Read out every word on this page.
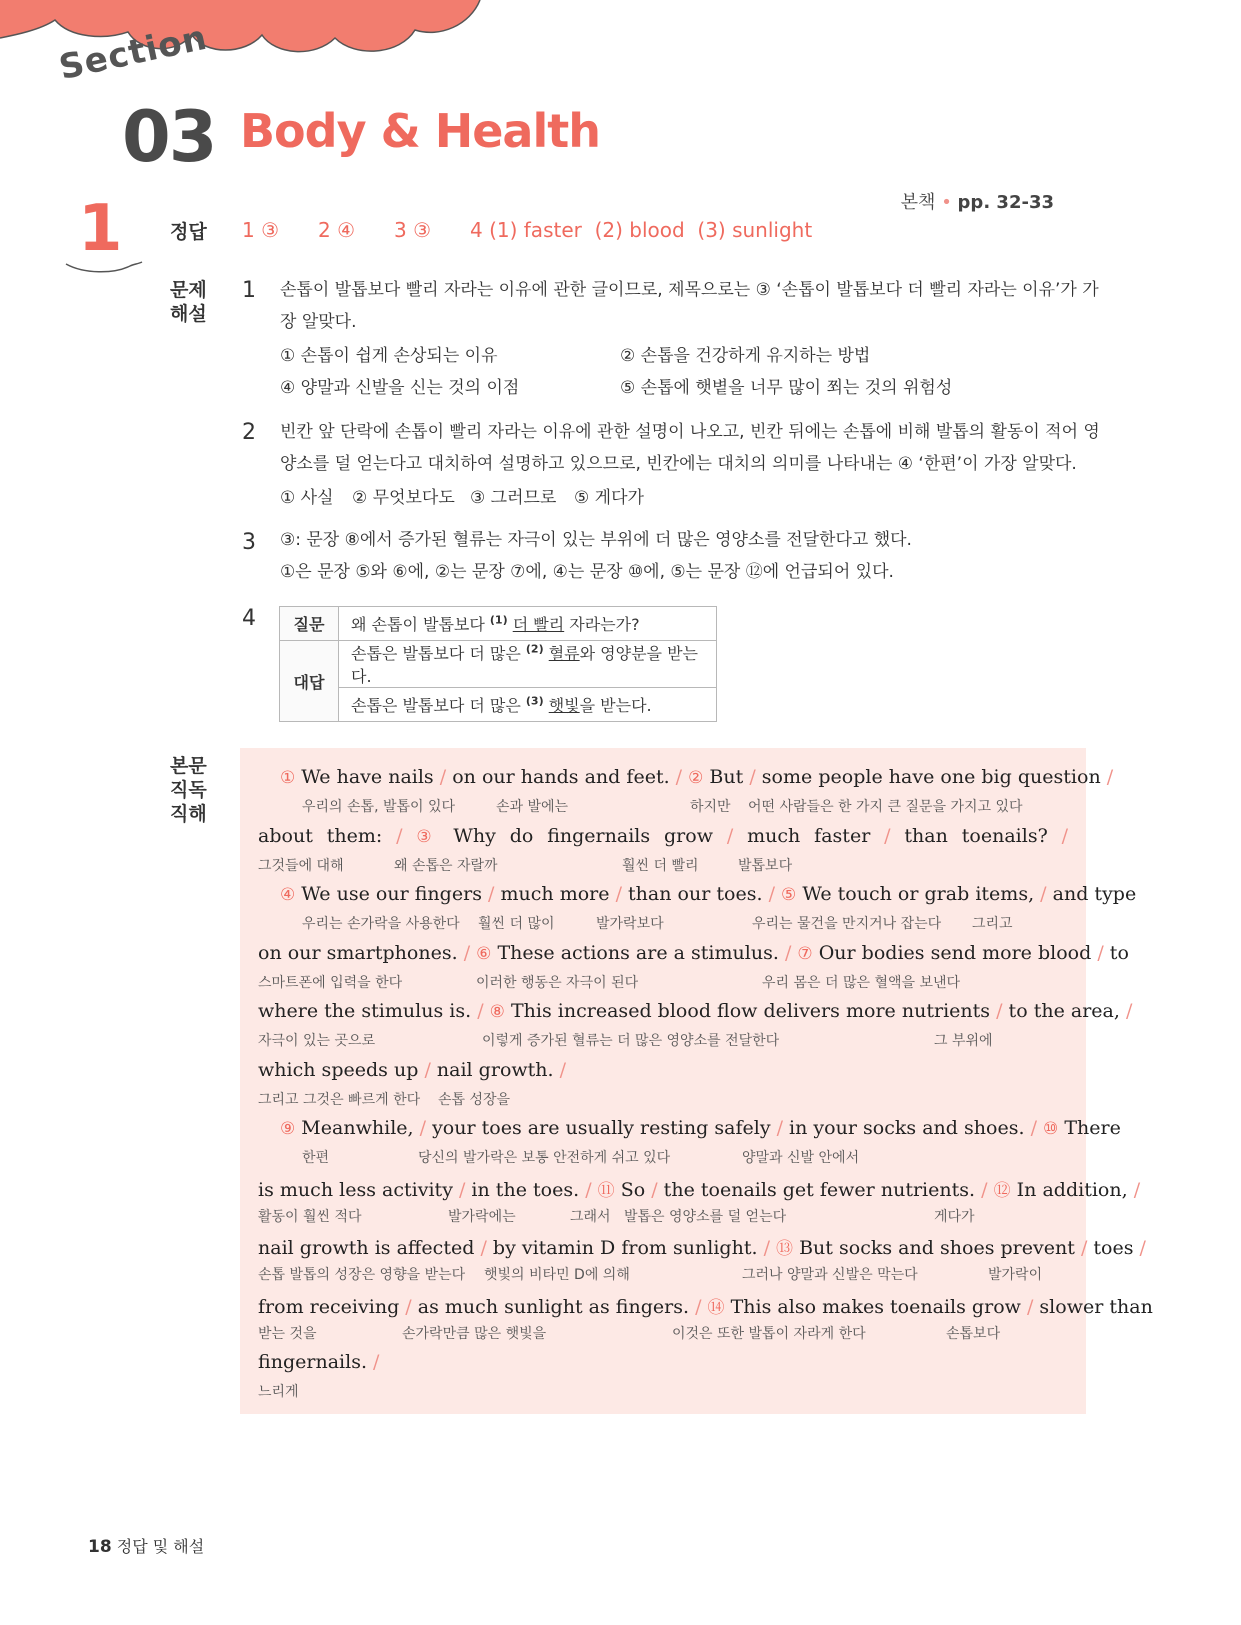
Section
03 Body & Health
본책 • pp. 32-33
1 정답 1 ③	2 ④	3 ③	4 (1) faster  (2) blood  (3) sunlight
문제
해설
1 손톱이 발톱보다 빨리 자라는 이유에 관한 글이므로, 제목으로는 ③ ‘손톱이 발톱보다 더 빨리 자라는 이유’가 가
장 알맞다.
① 손톱이 쉽게 손상되는 이유	② 손톱을 건강하게 유지하는 방법
④ 양말과 신발을 신는 것의 이점	⑤ 손톱에 햇볕을 너무 많이 쬐는 것의 위험성
2 빈칸 앞 단락에 손톱이 빨리 자라는 이유에 관한 설명이 나오고, 빈칸 뒤에는 손톱에 비해 발톱의 활동이 적어 영
양소를 덜 얻는다고 대치하여 설명하고 있으므로, 빈칸에는 대치의 의미를 나타내는 ④ ‘한편’이 가장 알맞다.
① 사실 ② 무엇보다도 ③ 그러므로 ⑤ 게다가
3 ③: 문장 ⑧에서 증가된 혈류는 자극이 있는 부위에 더 많은 영양소를 전달한다고 했다.
①은 문장 ⑤와 ⑥에, ②는 문장 ⑦에, ④는 문장 ⑩에, ⑤는 문장 ⑫에 언급되어 있다.
4 질문	왜 손톱이 발톱보다 $^{(1)}$ 더 빨리 자라는가?
대답	손톱은 발톱보다 더 많은 $^{(2)}$ 혈류와 영양분을 받는다.
	손톱은 발톱보다 더 많은 $^{(3)}$ 햇빛을 받는다.
본문
직독
직해
① We have nails / on our hands and feet. / ② But / some people have one big question /
우리의 손톱, 발톱이 있다	손과 발에는	하지만 어떤 사람들은 한 가지 큰 질문을 가지고 있다
about them: / ③ Why do fngernails grow / much faster / than toenails? /
그것들에 대해	왜 손톱은 자랄까	훨씬 더 빨리	발톱보다
④ We use our fngers / much more / than our toes. / ⑤ We touch or grab items, / and type
우리는 손가락을 사용한다 훨씬 더 많이	발가락보다	우리는 물건을 만지거나 잡는다 그리고
on our smartphones. / ⑥ These actions are a stimulus. / ⑦ Our bodies send more blood / to
스마트폰에 입력을 한다	이러한 행동은 자극이 된다	우리 몸은 더 많은 혈액을 보낸다
where the stimulus is. / ⑧ This increased blood fow delivers more nutrients / to the area, /
자극이 있는 곳으로	이렇게 증가된 혈류는 더 많은 영양소를 전달한다	그 부위에
which speeds up / nail growth. /
그리고 그것은 빠르게 한다 손톱 성장을
⑨ Meanwhile, / your toes are usually resting safely / in your socks and shoes. / ⑩ There
한편	당신의 발가락은 보통 안전하게 쉬고 있다	양말과 신발 안에서
is much less activity / in the toes. / ⑪ So / the toenails get fewer nutrients. / ⑫ In addition, /
활동이 훨씬 적다	발가락에는	그래서 발톱은 영양소를 덜 얻는다	게다가
nail growth is afected / by vitamin D from sunlight. / ⑬ But socks and shoes prevent / toes /
손톱 발톱의 성장은 영향을 받는다 햇빛의 비타민 D에 의해	그러나 양말과 신발은 막는다	발가락이
from receiving / as much sunlight as fngers. / ⑭ This also makes toenails grow / slower than
받는 것을	손가락만큼 많은 햇빛을	이것은 또한 발톱이 자라게 한다	손톱보다
fngernails. /
느리게
18 정답 및 해설
